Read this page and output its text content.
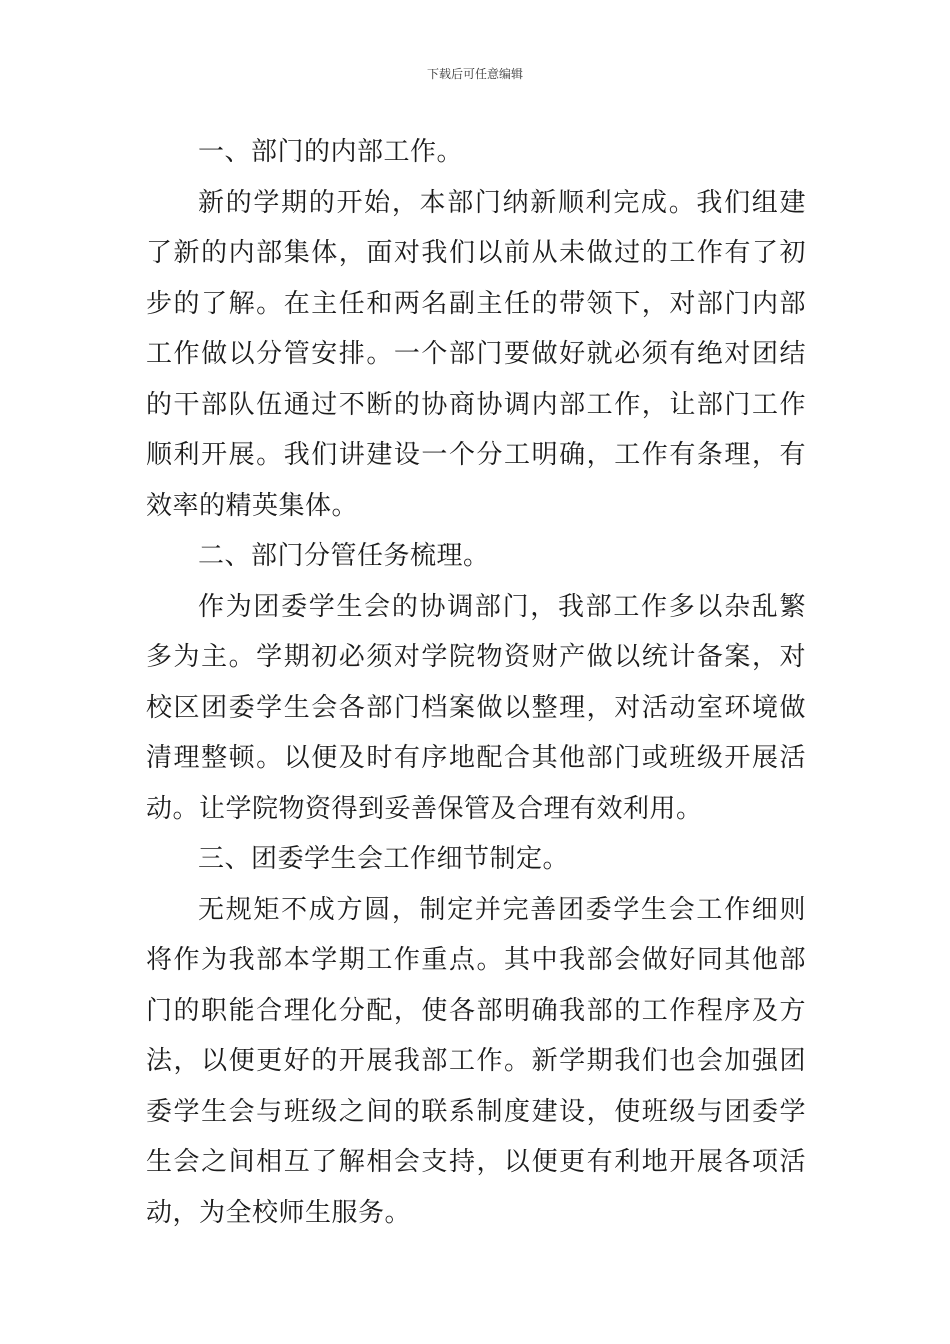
下载后可任意编辑

一、部门的内部工作。

新的学期的开始，本部门纳新顺利完成。我们组建了新的内部集体，面对我们以前从未做过的工作有了初步的了解。在主任和两名副主任的带领下，对部门内部工作做以分管安排。一个部门要做好就必须有绝对团结的干部队伍通过不断的协商协调内部工作，让部门工作顺利开展。我们讲建设一个分工明确，工作有条理，有效率的精英集体。

二、部门分管任务梳理。

作为团委学生会的协调部门，我部工作多以杂乱繁多为主。学期初必须对学院物资财产做以统计备案，对校区团委学生会各部门档案做以整理，对活动室环境做清理整顿。以便及时有序地配合其他部门或班级开展活动。让学院物资得到妥善保管及合理有效利用。

三、团委学生会工作细节制定。

无规矩不成方圆，制定并完善团委学生会工作细则将作为我部本学期工作重点。其中我部会做好同其他部门的职能合理化分配，使各部明确我部的工作程序及方法，以便更好的开展我部工作。新学期我们也会加强团委学生会与班级之间的联系制度建设，使班级与团委学生会之间相互了解相会支持，以便更有利地开展各项活动，为全校师生服务。
